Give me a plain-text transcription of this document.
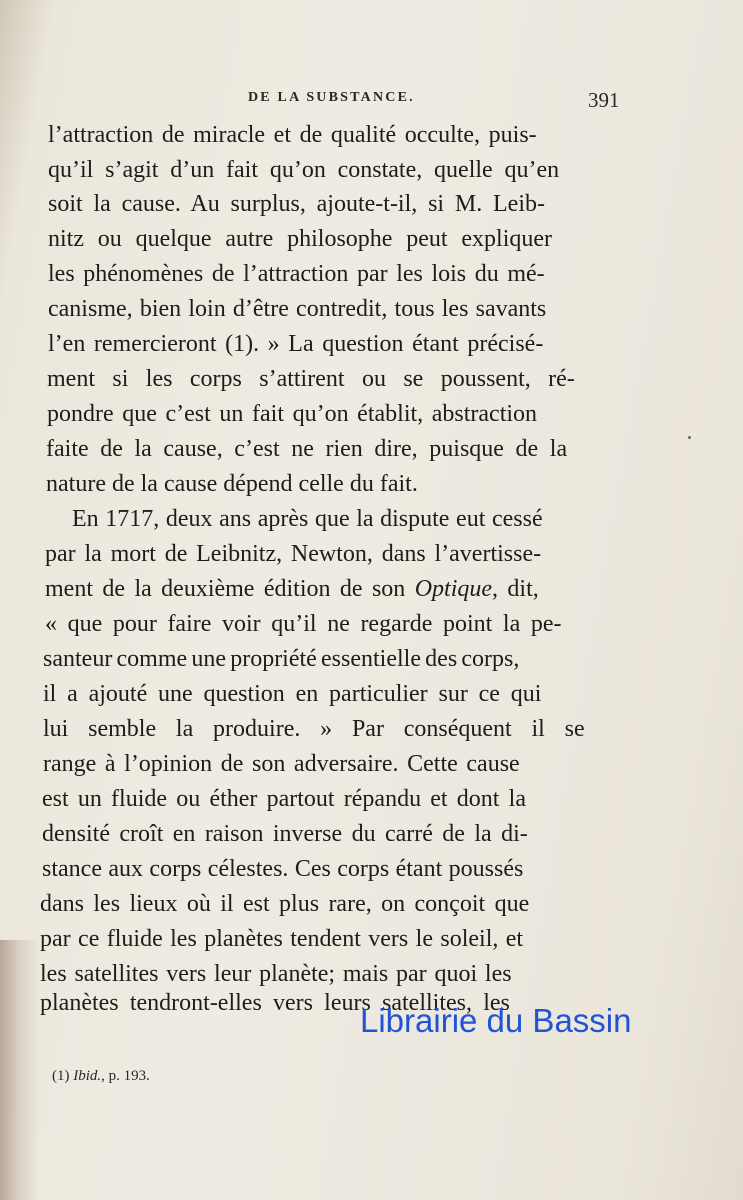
DE LA SUBSTANCE.	391
l’attraction de miracle et de qualité occulte, puis-
qu’il s’agit d’un fait qu’on constate, quelle qu’en
soit la cause. Au surplus, ajoute-t-il, si M. Leib-
nitz ou quelque autre philosophe peut expliquer
les phénomènes de l’attraction par les lois du mé-
canisme, bien loin d’être contredit, tous les savants
l’en remercieront (1). » La question étant précisé-
ment si les corps s’attirent ou se poussent, ré-
pondre que c’est un fait qu’on établit, abstraction
faite de la cause, c’est ne rien dire, puisque de la
nature de la cause dépend celle du fait.
En 1717, deux ans après que la dispute eut cessé
par la mort de Leibnitz, Newton, dans l’avertisse-
ment de la deuxième édition de son Optique, dit,
« que pour faire voir qu’il ne regarde point la pe-
santeur comme une propriété essentielle des corps,
il a ajouté une question en particulier sur ce qui
lui semble la produire. » Par conséquent il se
range à l’opinion de son adversaire. Cette cause
est un fluide ou éther partout répandu et dont la
densité croît en raison inverse du carré de la di-
stance aux corps célestes. Ces corps étant poussés
dans les lieux où il est plus rare, on conçoit que
par ce fluide les planètes tendent vers le soleil, et
les satellites vers leur planète; mais par quoi les
planètes tendront-elles vers leurs satellites, les
(1) Ibid., p. 193.
Librairie du Bassin
